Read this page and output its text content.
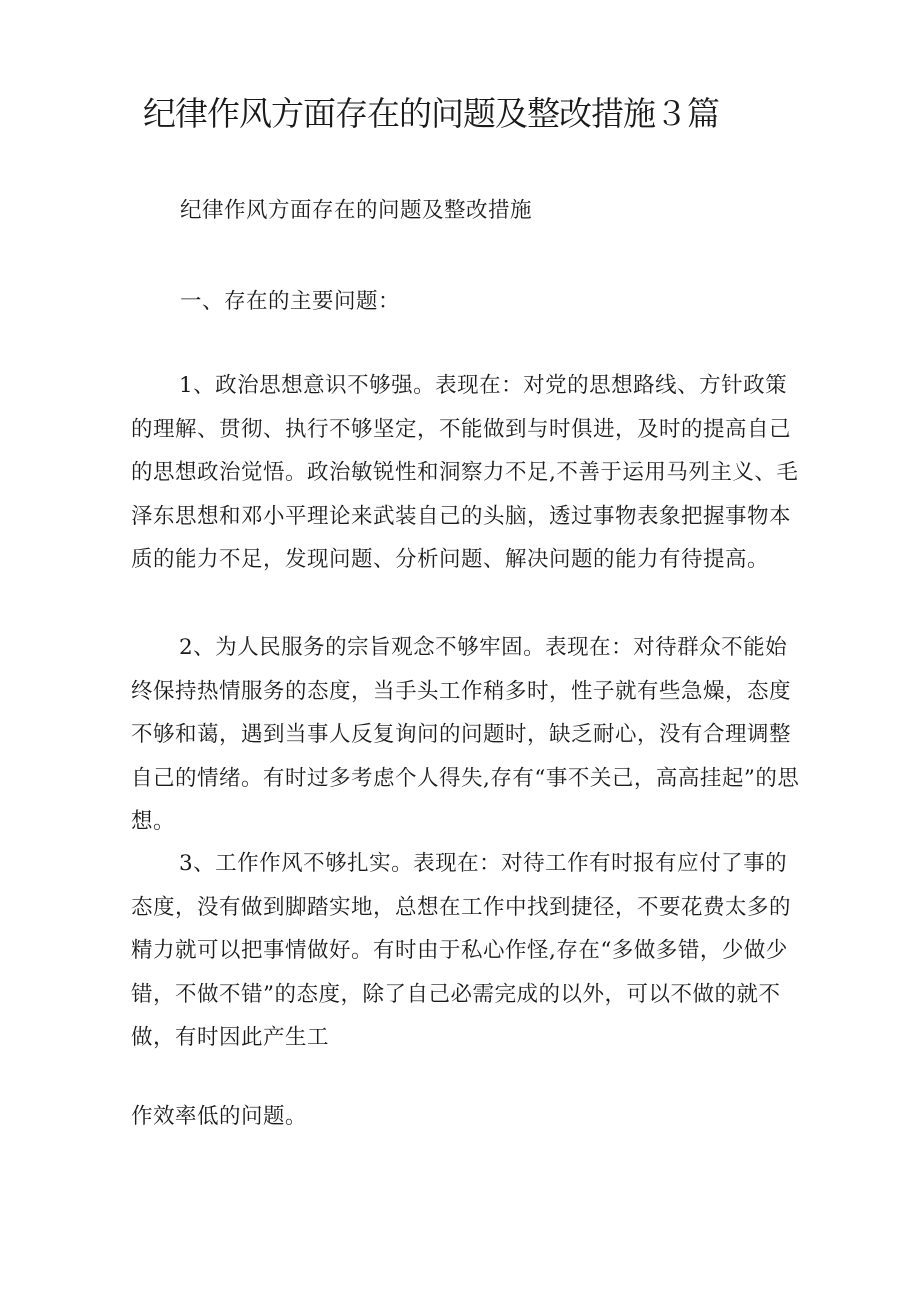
纪律作风方面存在的问题及整改措施３篇
纪律作风方面存在的问题及整改措施
一、存在的主要问题：

1、政治思想意识不够强。表现在：对党的思想路线、方针政策的理解、贯彻、执行不够坚定，不能做到与时俱进，及时的提高自己的思想政治觉悟。政治敏锐性和洞察力不足,不善于运用马列主义、毛泽东思想和邓小平理论来武装自己的头脑，透过事物表象把握事物本质的能力不足，发现问题、分析问题、解决问题的能力有待提高。

2、为人民服务的宗旨观念不够牢固。表现在：对待群众不能始终保持热情服务的态度，当手头工作稍多时，性子就有些急燥，态度不够和蔼，遇到当事人反复询问的问题时，缺乏耐心，没有合理调整自己的情绪。有时过多考虑个人得失,存有“事不关己，高高挂起”的思想。

3、工作作风不够扎实。表现在：对待工作有时报有应付了事的态度，没有做到脚踏实地，总想在工作中找到捷径，不要花费太多的精力就可以把事情做好。有时由于私心作怪,存在“多做多错，少做少错，不做不错”的态度，除了自己必需完成的以外，可以不做的就不做，有时因此产生工

作效率低的问题。
